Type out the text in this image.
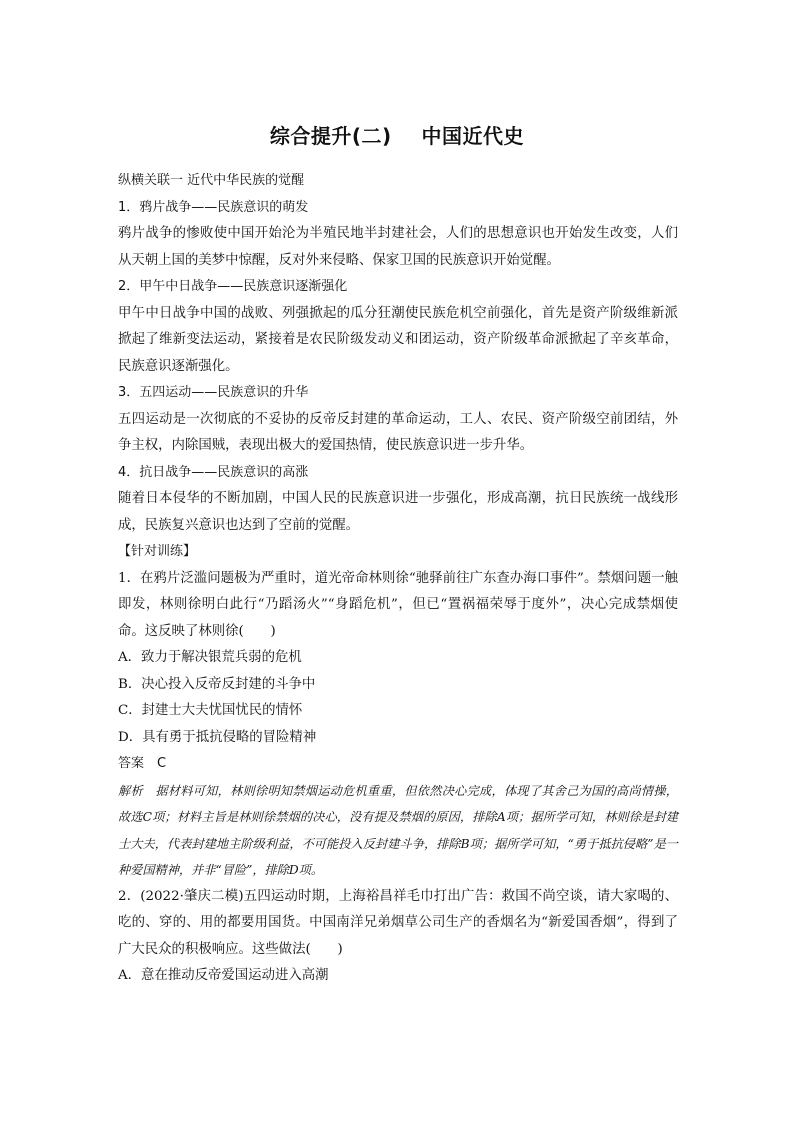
综合提升(二)    中国近代史

纵横关联一 近代中华民族的觉醒

1．鸦片战争——民族意识的萌发

鸦片战争的惨败使中国开始沦为半殖民地半封建社会，人们的思想意识也开始发生改变，人们从天朝上国的美梦中惊醒，反对外来侵略、保家卫国的民族意识开始觉醒。

2．甲午中日战争——民族意识逐渐强化

甲午中日战争中国的战败、列强掀起的瓜分狂潮使民族危机空前强化，首先是资产阶级维新派掀起了维新变法运动，紧接着是农民阶级发动义和团运动，资产阶级革命派掀起了辛亥革命，民族意识逐渐强化。

3．五四运动——民族意识的升华

五四运动是一次彻底的不妥协的反帝反封建的革命运动，工人、农民、资产阶级空前团结，外争主权，内除国贼，表现出极大的爱国热情，使民族意识进一步升华。

4．抗日战争——民族意识的高涨

随着日本侵华的不断加剧，中国人民的民族意识进一步强化，形成高潮，抗日民族统一战线形成，民族复兴意识也达到了空前的觉醒。

【针对训练】

1．在鸦片泛滥问题极为严重时，道光帝命林则徐“驰驿前往广东查办海口事件”。禁烟问题一触即发，林则徐明白此行“乃蹈汤火”“身蹈危机”，但已“置祸福荣辱于度外”，决心完成禁烟使命。这反映了林则徐(　　)

A．致力于解决银荒兵弱的危机

B．决心投入反帝反封建的斗争中

C．封建士大夫忧国忧民的情怀

D．具有勇于抵抗侵略的冒险精神

答案　C

解析　据材料可知，林则徐明知禁烟运动危机重重，但依然决心完成，体现了其舍己为国的高尚情操，故选C项；材料主旨是林则徐禁烟的决心，没有提及禁烟的原因，排除A项；据所学可知，林则徐是封建士大夫，代表封建地主阶级利益，不可能投入反封建斗争，排除B项；据所学可知，“勇于抵抗侵略”是一种爱国精神，并非“冒险”，排除D项。

2．(2022·肇庆二模)五四运动时期，上海裕昌祥毛巾打出广告：救国不尚空谈，请大家喝的、吃的、穿的、用的都要用国货。中国南洋兄弟烟草公司生产的香烟名为“新爱国香烟”，得到了广大民众的积极响应。这些做法(　　)

A．意在推动反帝爱国运动进入高潮
